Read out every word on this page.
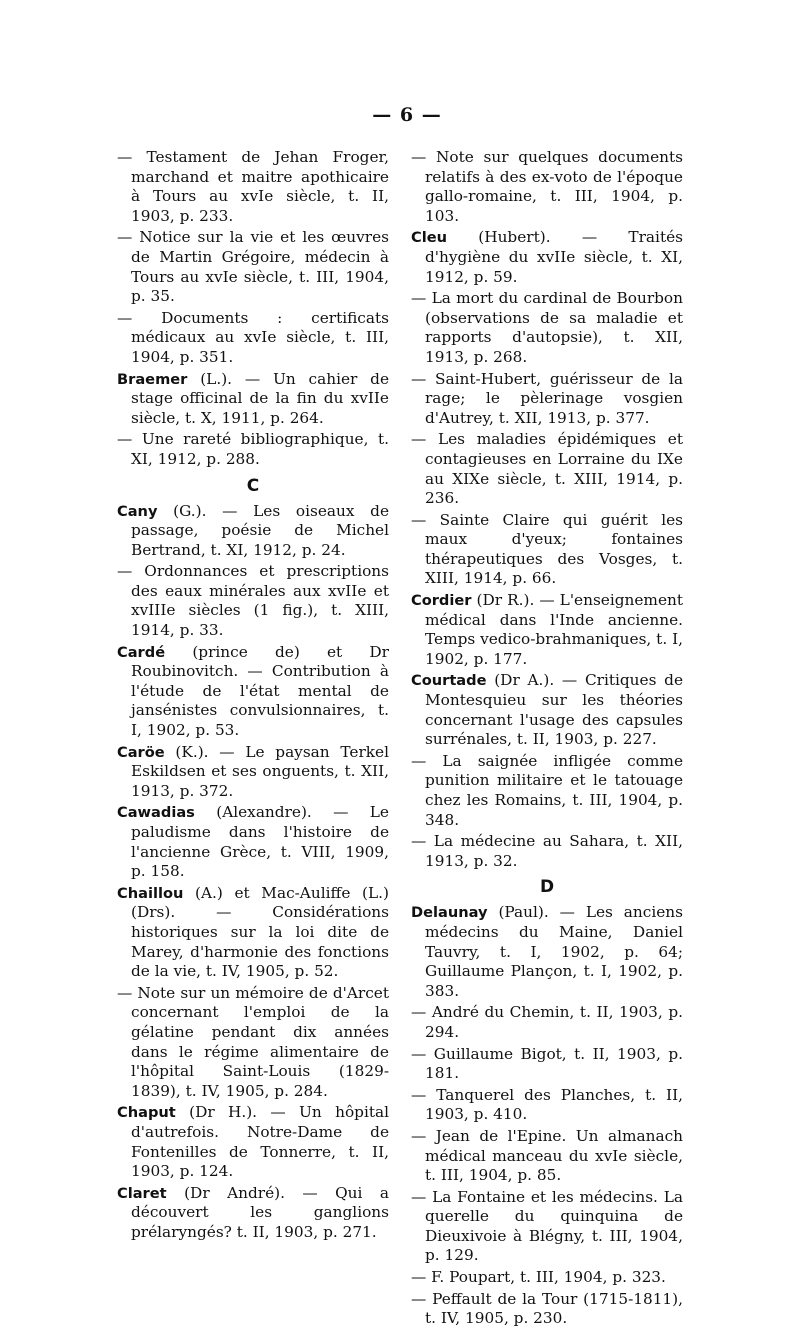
— 6 —
— Testament de Jehan Froger, marchand et maitre apothicaire à Tours au xvIe siècle, t. II, 1903, p. 233.
— Notice sur la vie et les œuvres de Martin Grégoire, médecin à Tours au xvIe siècle, t. III, 1904, p. 35.
— Documents : certificats médicaux au xvIe siècle, t. III, 1904, p. 351.
Braemer (L.). — Un cahier de stage officinal de la fin du xvIIe siècle, t. X, 1911, p. 264.
— Une rareté bibliographique, t. XI, 1912, p. 288.
C
Cany (G.). — Les oiseaux de passage, poésie de Michel Bertrand, t. XI, 1912, p. 24.
— Ordonnances et prescriptions des eaux minérales aux xvIIe et xvIIIe siècles (1 fig.), t. XIII, 1914, p. 33.
Cardé (prince de) et Dr Roubinovitch. — Contribution à l'étude de l'état mental de jansénistes convulsionnaires, t. I, 1902, p. 53.
Caröe (K.). — Le paysan Terkel Eskildsen et ses onguents, t. XII, 1913, p. 372.
Cawadias (Alexandre). — Le paludisme dans l'histoire de l'ancienne Grèce, t. VIII, 1909, p. 158.
Chaillou (A.) et Mac-Auliffe (L.) (Drs). — Considérations historiques sur la loi dite de Marey, d'harmonie des fonctions de la vie, t. IV, 1905, p. 52.
— Note sur un mémoire de d'Arcet concernant l'emploi de la gélatine pendant dix années dans le régime alimentaire de l'hôpital Saint-Louis (1829-1839), t. IV, 1905, p. 284.
Chaput (Dr H.). — Un hôpital d'autrefois. Notre-Dame de Fontenilles de Tonnerre, t. II, 1903, p. 124.
Claret (Dr André). — Qui a découvert les ganglions prélaryngés? t. II, 1903, p. 271.
— Note sur quelques documents relatifs à des ex-voto de l'époque gallo-romaine, t. III, 1904, p. 103.
Cleu (Hubert). — Traités d'hygiène du xvIIe siècle, t. XI, 1912, p. 59.
— La mort du cardinal de Bourbon (observations de sa maladie et rapports d'autopsie), t. XII, 1913, p. 268.
— Saint-Hubert, guérisseur de la rage; le pèlerinage vosgien d'Autrey, t. XII, 1913, p. 377.
— Les maladies épidémiques et contagieuses en Lorraine du IXe au XIXe siècle, t. XIII, 1914, p. 236.
— Sainte Claire qui guérit les maux d'yeux; fontaines thérapeutiques des Vosges, t. XIII, 1914, p. 66.
Cordier (Dr R.). — L'enseignement médical dans l'Inde ancienne. Temps vedico-brahmaniques, t. I, 1902, p. 177.
Courtade (Dr A.). — Critiques de Montesquieu sur les théories concernant l'usage des capsules surrénales, t. II, 1903, p. 227.
— La saignée infligée comme punition militaire et le tatouage chez les Romains, t. III, 1904, p. 348.
— La médecine au Sahara, t. XII, 1913, p. 32.
D
Delaunay (Paul). — Les anciens médecins du Maine, Daniel Tauvry, t. I, 1902, p. 64; Guillaume Plançon, t. I, 1902, p. 383.
— André du Chemin, t. II, 1903, p. 294.
— Guillaume Bigot, t. II, 1903, p. 181.
— Tanquerel des Planches, t. II, 1903, p. 410.
— Jean de l'Epine. Un almanach médical manceau du xvIe siècle, t. III, 1904, p. 85.
— La Fontaine et les médecins. La querelle du quinquina de Dieuxivoie à Blégny, t. III, 1904, p. 129.
— F. Poupart, t. III, 1904, p. 323.
— Peffault de la Tour (1715-1811), t. IV, 1905, p. 230.
